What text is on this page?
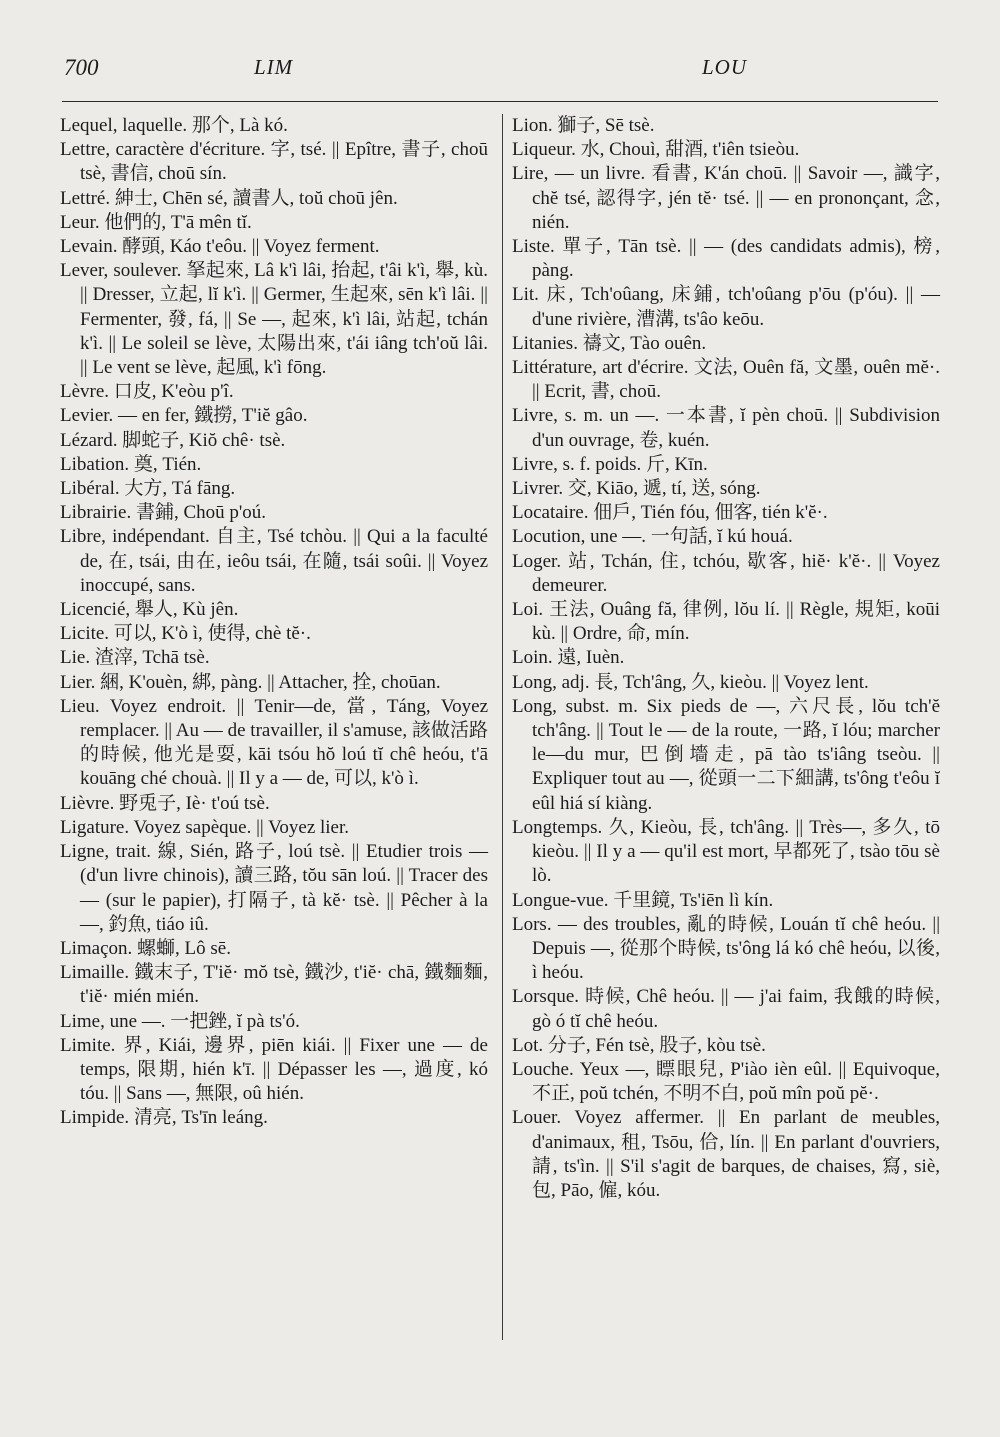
700	LIM	LOU

Lequel, laquelle. 那个, Là kó.

Lettre, caractère d'écriture. 字, tsé. || Epître, 書子, choū tsè, 書信, choū sín.

Lettré. 紳士, Chēn sé, 讀書人, toŭ choū jên.

Leur. 他們的, T'ā mên tĭ.

Levain. 酵頭, Káo t'eôu. || Voyez ferment.

Lever, soulever. 拏起來, Lâ k'ì lâi, 抬起, t'âi k'ì, 舉, kù. || Dresser, 立起, lĭ k'ì. || Germer, 生起來, sēn k'ì lâi. || Fermenter, 發, fá, || Se —, 起來, k'ì lâi, 站起, tchán k'ì. || Le soleil se lève, 太陽出來, t'ái iâng tch'oŭ lâi. || Le vent se lève, 起風, k'ì fōng.

Lèvre. 口皮, K'eòu p'î.

Levier. — en fer, 鐵撈, T'iĕ gâo.

Lézard. 脚蛇子, Kiŏ chê· tsè.

Libation. 奠, Tién.

Libéral. 大方, Tá fāng.

Librairie. 書鋪, Choū p'oú.

Libre, indépendant. 自主, Tsé tchòu. || Qui a la faculté de, 在, tsái, 由在, ieôu tsái, 在隨, tsái soûi. || Voyez inoccupé, sans.

Licencié, 舉人, Kù jên.

Licite. 可以, K'ò ì, 使得, chè tĕ·.

Lie. 渣滓, Tchā tsè.

Lier. 綑, K'ouèn, 綁, pàng. || Attacher, 拴, choūan.

Lieu. Voyez endroit. || Tenir—de, 當, Táng, Voyez remplacer. || Au — de travailler, il s'amuse, 該做活路的時候, 他光是耍, kāi tsóu hŏ loú tĭ chê heóu, t'ā kouāng ché chouà. || Il y a — de, 可以, k'ò ì.

Lièvre. 野兎子, Iè· t'oú tsè.

Ligature. Voyez sapèque. || Voyez lier.

Ligne, trait. 線, Sién, 路子, loú tsè. || Etudier trois — (d'un livre chinois), 讀三路, tŏu sān loú. || Tracer des — (sur le papier), 打隔子, tà kĕ· tsè. || Pêcher à la —, 釣魚, tiáo iû.

Limaçon. 螺螄, Lô sē.

Limaille. 鐵末子, T'iĕ· mŏ tsè, 鐵沙, t'iĕ· chā, 鐵麵麵, t'iĕ· mién mién.

Lime, une —. 一把銼, ĭ pà ts'ó.

Limite. 界, Kiái, 邊界, piēn kiái. || Fixer une — de temps, 限期, hién k'ī. || Dépasser les —, 過度, kó tóu. || Sans —, 無限, oû hién.

Limpide. 清亮, Ts'īn leáng.

Lion. 獅子, Sē tsè.

Liqueur. 水, Chouì, 甜酒, t'iên tsieòu.

Lire, — un livre. 看書, K'án choū. || Savoir —, 識字, chĕ tsé, 認得字, jén tĕ· tsé. || — en prononçant, 念, nién.

Liste. 單子, Tān tsè. || — (des candidats admis), 榜, pàng.

Lit. 床, Tch'oûang, 床鋪, tch'oûang p'ōu (p'óu). || —d'une rivière, 漕溝, ts'âo keōu.

Litanies. 禱文, Tào ouên.

Littérature, art d'écrire. 文法, Ouên fă, 文墨, ouên mĕ·. || Ecrit, 書, choū.

Livre, s. m. un —. 一本書, ĭ pèn choū. || Subdivision d'un ouvrage, 卷, kuén.

Livre, s. f. poids. 斤, Kīn.

Livrer. 交, Kiāo, 遞, tí, 送, sóng.

Locataire. 佃戶, Tién fóu, 佃客, tién k'ĕ·.

Locution, une —. 一句話, ĭ kú houá.

Loger. 站, Tchán, 住, tchóu, 歇客, hiĕ· k'ĕ·. || Voyez demeurer.

Loi. 王法, Ouâng fă, 律例, lŏu lí. || Règle, 規矩, koūi kù. || Ordre, 命, mín.

Loin. 遠, Iuèn.

Long, adj. 長, Tch'âng, 久, kieòu. || Voyez lent.

Long, subst. m. Six pieds de —, 六尺長, lŏu tch'ĕ tch'âng. || Tout le — de la route, 一路, ĭ lóu; marcher le—du mur, 巴倒墻走, pā tào ts'iâng tseòu. || Expliquer tout au —, 從頭一二下細講, ts'ông t'eôu ĭ eûl hiá sí kiàng.

Longtemps. 久, Kieòu, 長, tch'âng. || Très—, 多久, tō kieòu. || Il y a — qu'il est mort, 早都死了, tsào tōu sè lò.

Longue-vue. 千里鏡, Ts'iēn lì kín.

Lors. — des troubles, 亂的時候, Louán tĭ chê heóu. || Depuis —, 從那个時候, ts'ông lá kó chê heóu, 以後, ì heóu.

Lorsque. 時候, Chê heóu. || — j'ai faim, 我餓的時候, gò ó tĭ chê heóu.

Lot. 分子, Fén tsè, 股子, kòu tsè.

Louche. Yeux —, 瞟眼兒, P'iào ièn eûl. || Equivoque, 不正, poŭ tchén, 不明不白, poŭ mîn poŭ pĕ·.

Louer. Voyez affermer. || En parlant de meubles, d'animaux, 租, Tsōu, 佮, lín. || En parlant d'ouvriers, 請, ts'ìn. || S'il s'agit de barques, de chaises, 寫, siè, 包, Pāo, 僱, kóu.
